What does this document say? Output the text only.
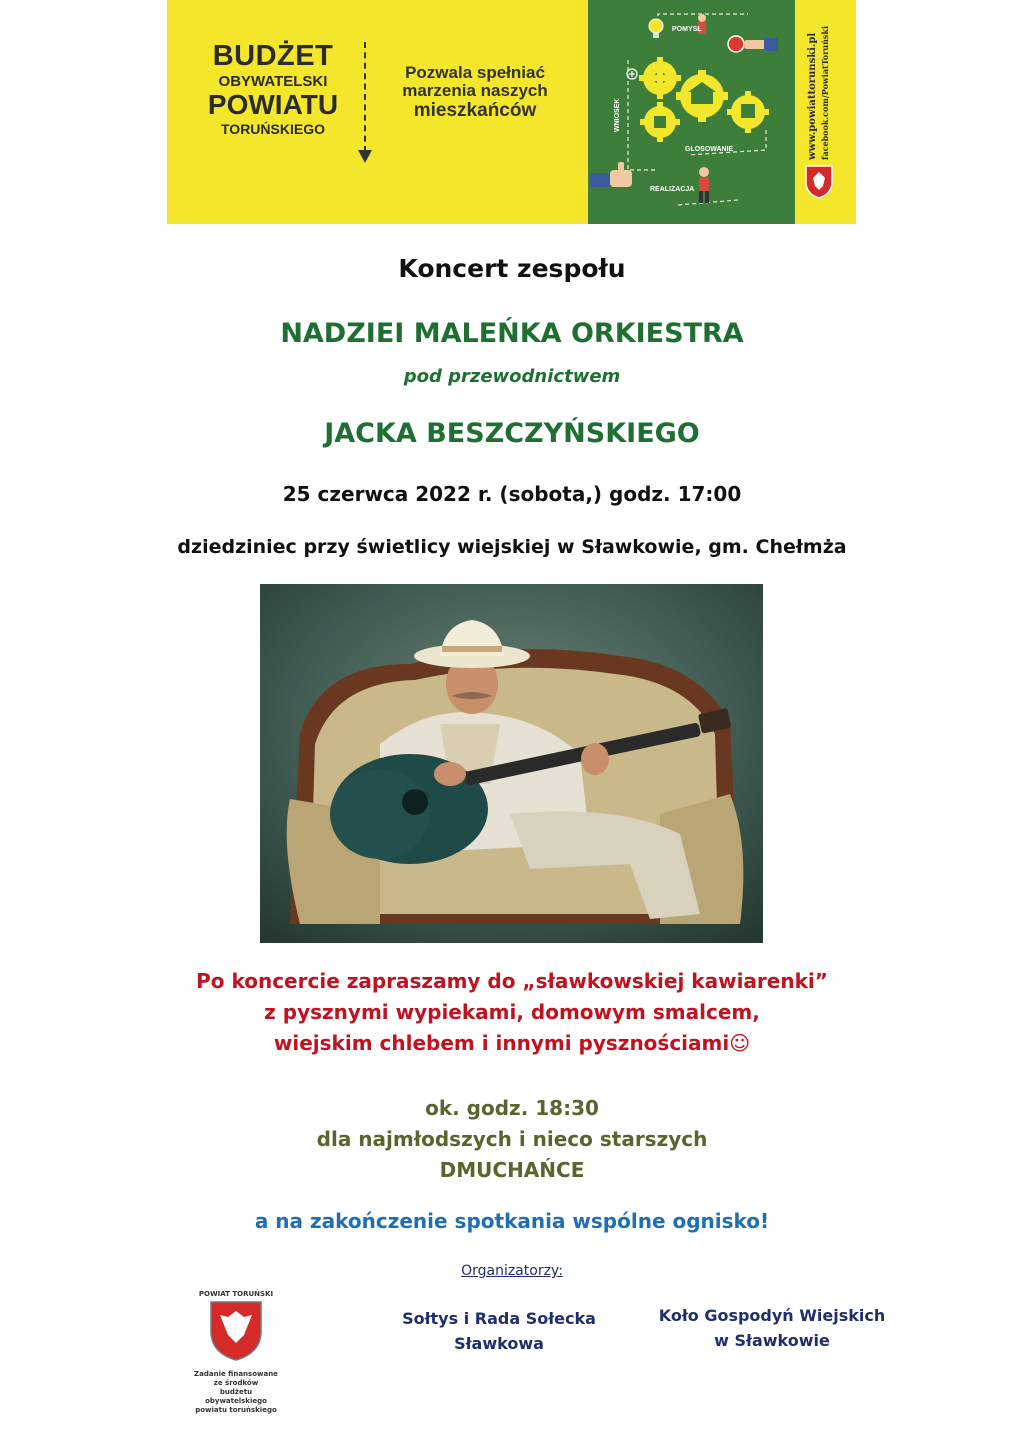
BUDŻET
OBYWATELSKI
POWIATU
TORUŃSKIEGO
Pozwala spełniać
marzenia naszych
mieszkańców
POMYSŁ
WNIOSEK
GŁOSOWANIE
REALIZACJA
www.powiattorunski.pl facebook.com/PowiatToruński
Koncert zespołu
NADZIEI MALEŃKA ORKIESTRA
pod przewodnictwem
JACKA BESZCZYŃSKIEGO
25 czerwca 2022 r. (sobota,) godz. 17:00
dziedziniec przy świetlicy wiejskiej w Sławkowie, gm. Chełmża
Po koncercie zapraszamy do „sławkowskiej kawiarenki”
z pysznymi wypiekami, domowym smalcem,
wiejskim chlebem i innymi pysznościami☺
ok. godz. 18:30
dla najmłodszych i nieco starszych
DMUCHAŃCE
a na zakończenie spotkania wspólne ognisko!
Organizatorzy:
POWIAT TORUŃSKI
Zadanie finansowane
ze środków
budżetu obywatelskiego
powiatu toruńskiego
Sołtys i Rada Sołecka
Sławkowa
Koło Gospodyń Wiejskich
w Sławkowie
